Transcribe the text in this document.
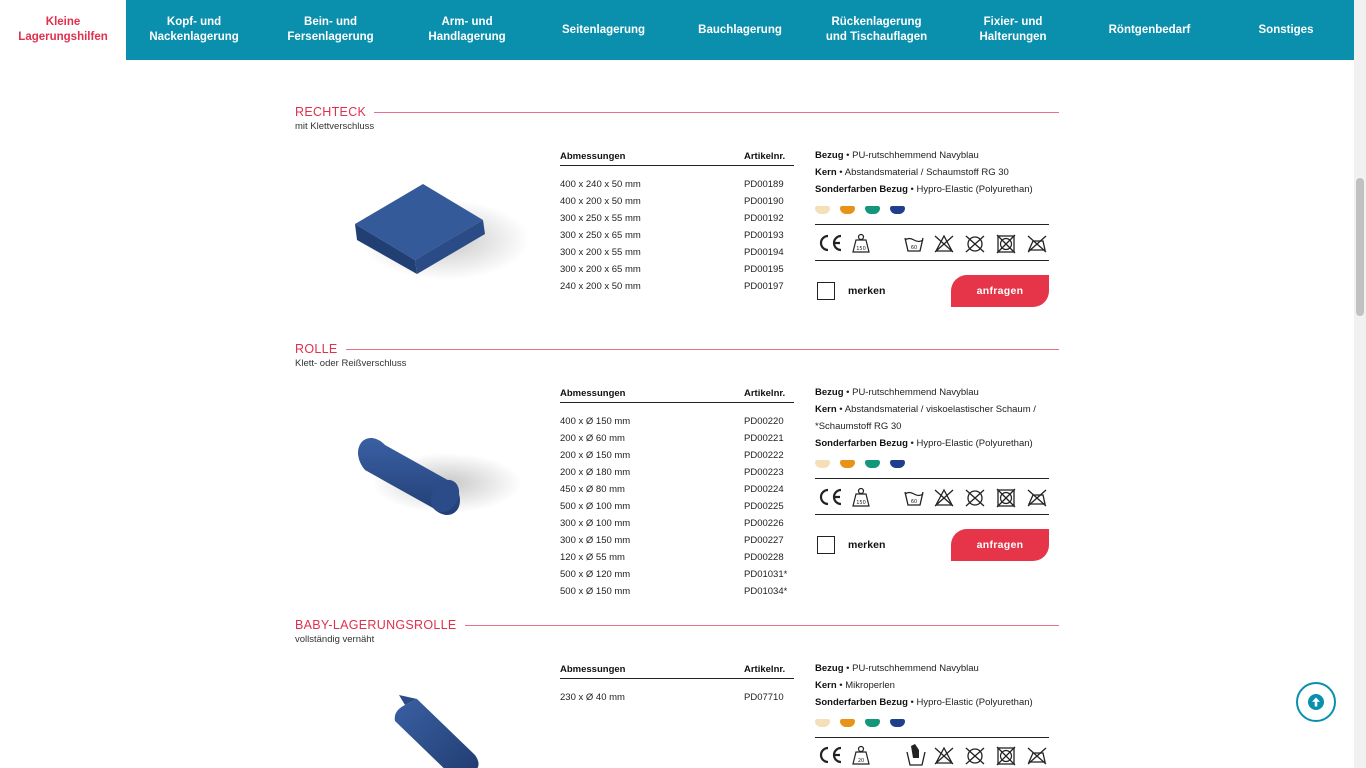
Kleine
Lagerungshilfen
Kopf- und
Nackenlagerung
Bein- und
Fersenlagerung
Arm- und
Handlagerung
Seitenlagerung	Bauchlagerung
Rückenlagerung
und Tischauflagen
Fixier- und
Halterungen
Röntgenbedarf	Sonstiges
RECHTECK
mit Klettverschluss
Abmessungen	Artikelnr.
400 x 240 x 50 mm	PD00189
400 x 200 x 50 mm	PD00190
300 x 250 x 55 mm	PD00192
300 x 250 x 65 mm	PD00193
300 x 200 x 55 mm	PD00194
300 x 200 x 65 mm	PD00195
240 x 200 x 50 mm	PD00197
Bezug • PU-rutschhemmend Navyblau
Kern • Abstandsmaterial / Schaumstoff RG 30
Sonderfarben Bezug • Hypro-Elastic (Polyurethan)
150	60
merken	anfragen
ROLLE
Klett- oder Reißverschluss
Abmessungen	Artikelnr.
400 x Ø 150 mm	PD00220
200 x Ø 60 mm	PD00221
200 x Ø 150 mm	PD00222
200 x Ø 180 mm	PD00223
450 x Ø 80 mm	PD00224
500 x Ø 100 mm	PD00225
300 x Ø 100 mm	PD00226
300 x Ø 150 mm	PD00227
120 x Ø 55 mm	PD00228
500 x Ø 120 mm	PD01031*
500 x Ø 150 mm	PD01034*
Bezug • PU-rutschhemmend Navyblau
Kern • Abstandsmaterial / viskoelastischer Schaum / *Schaumstoff RG 30
Sonderfarben Bezug • Hypro-Elastic (Polyurethan)
150	60
merken	anfragen
BABY-LAGERUNGSROLLE
vollständig vernäht
Abmessungen	Artikelnr.
230 x Ø 40 mm	PD07710
Bezug • PU-rutschhemmend Navyblau
Kern • Mikroperlen
Sonderfarben Bezug • Hypro-Elastic (Polyurethan)
20
